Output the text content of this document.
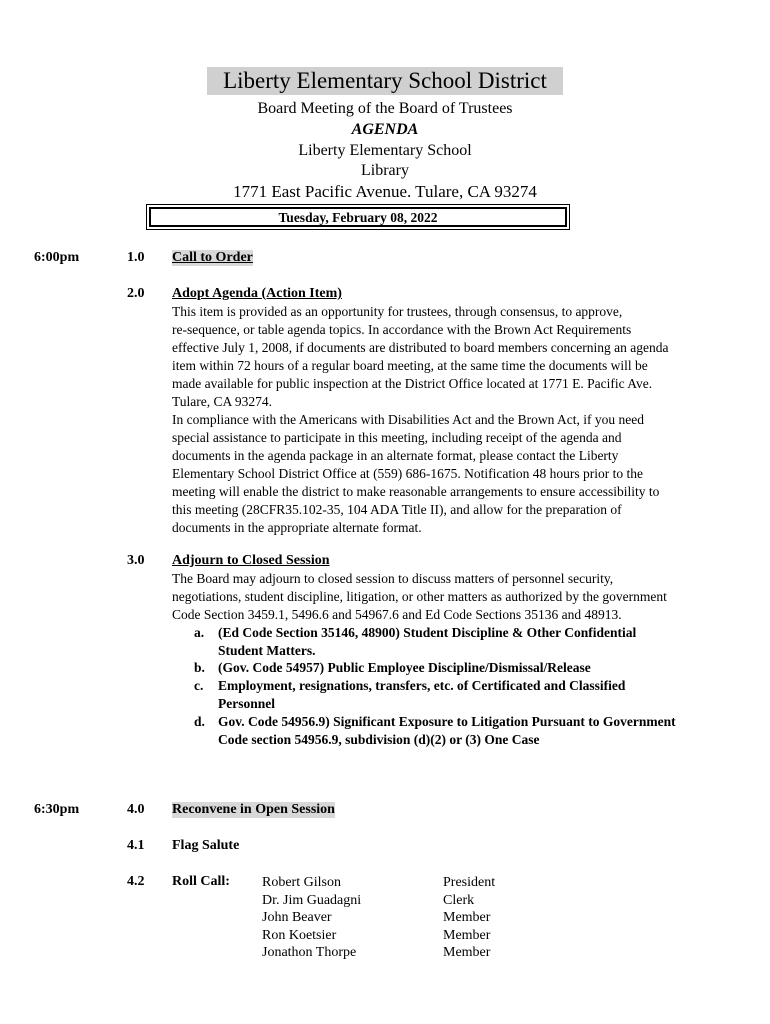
Liberty Elementary School District
Board Meeting of the Board of Trustees
AGENDA
Liberty Elementary School
Library
1771 East Pacific Avenue. Tulare, CA 93274
Tuesday, February 08, 2022
6:00pm	1.0 Call to Order
2.0 Adopt Agenda (Action Item)
This item is provided as an opportunity for trustees, through consensus, to approve,
re-sequence, or table agenda topics. In accordance with the Brown Act Requirements
effective July 1, 2008, if documents are distributed to board members concerning an agenda
item within 72 hours of a regular board meeting, at the same time the documents will be
made available for public inspection at the District Office located at 1771 E. Pacific Ave.
Tulare, CA 93274.
In compliance with the Americans with Disabilities Act and the Brown Act, if you need
special assistance to participate in this meeting, including receipt of the agenda and
documents in the agenda package in an alternate format, please contact the Liberty
Elementary School District Office at (559) 686-1675. Notification 48 hours prior to the
meeting will enable the district to make reasonable arrangements to ensure accessibility to
this meeting (28CFR35.102-35, 104 ADA Title II), and allow for the preparation of
documents in the appropriate alternate format.
3.0 Adjourn to Closed Session
The Board may adjourn to closed session to discuss matters of personnel security,
negotiations, student discipline, litigation, or other matters as authorized by the government
Code Section 3459.1, 5496.6 and 54967.6 and Ed Code Sections 35136 and 48913.
a. (Ed Code Section 35146, 48900) Student Discipline & Other Confidential
Student Matters.
b. (Gov. Code 54957) Public Employee Discipline/Dismissal/Release
c. Employment, resignations, transfers, etc. of Certificated and Classified
Personnel
d. Gov. Code 54956.9) Significant Exposure to Litigation Pursuant to Government
Code section 54956.9, subdivision (d)(2) or (3) One Case
6:30pm	4.0 Reconvene in Open Session
4.1 Flag Salute
4.2 Roll Call: Robert Gilson
Dr. Jim Guadagni
John Beaver
Ron Koetsier
Jonathon Thorpe
President
Clerk
Member
Member
Member
